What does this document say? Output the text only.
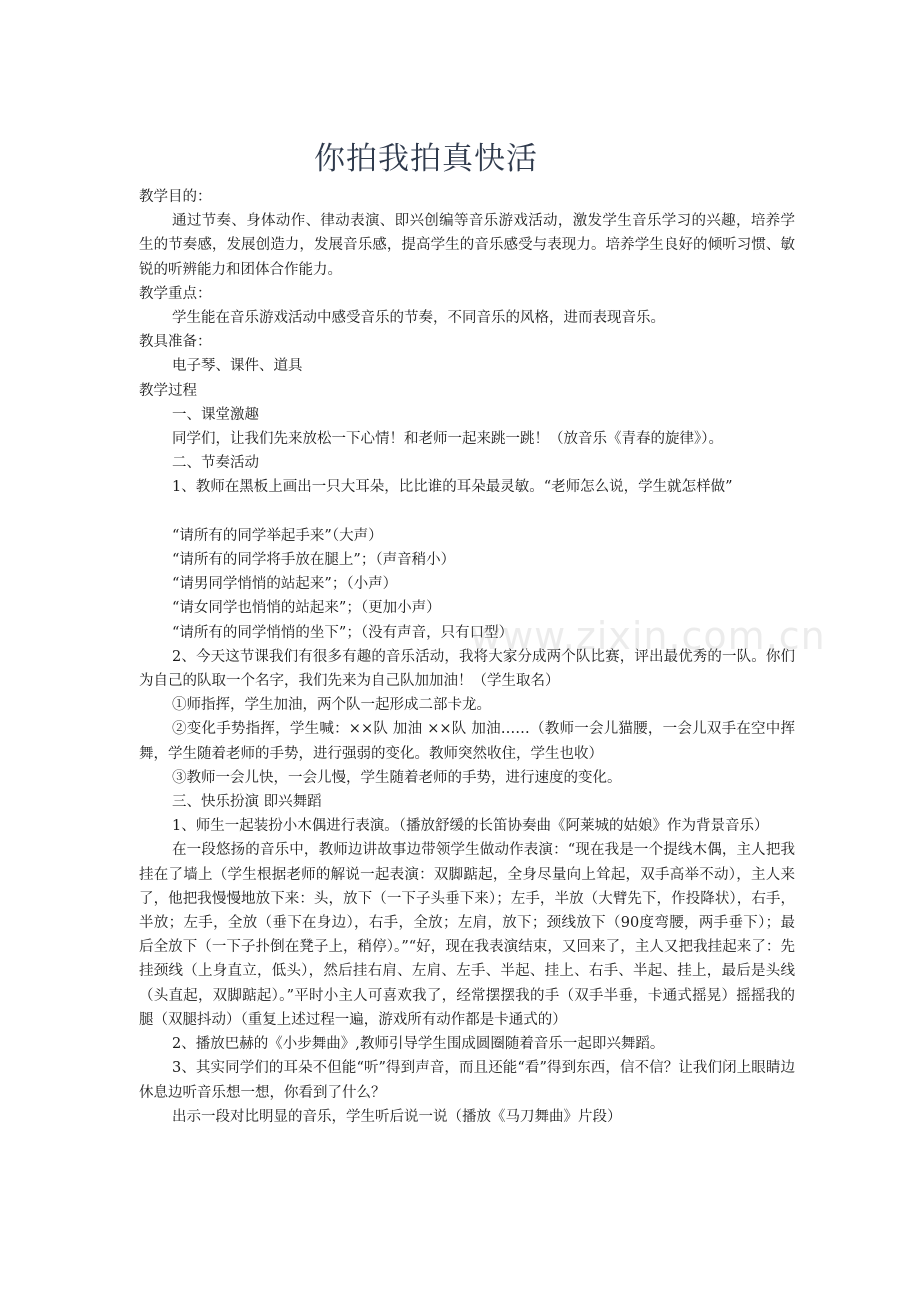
你拍我拍真快活

教学目的：

通过节奏、身体动作、律动表演、即兴创编等音乐游戏活动，激发学生音乐学习的兴趣，培养学生的节奏感，发展创造力，发展音乐感，提高学生的音乐感受与表现力。培养学生良好的倾听习惯、敏锐的听辨能力和团体合作能力。

教学重点：

学生能在音乐游戏活动中感受音乐的节奏，不同音乐的风格，进而表现音乐。

教具准备：

电子琴、课件、道具

教学过程

一、课堂激趣

同学们，让我们先来放松一下心情！和老师一起来跳一跳！（放音乐《青春的旋律》）。

二、节奏活动

1、教师在黑板上画出一只大耳朵，比比谁的耳朵最灵敏。“老师怎么说，学生就怎样做”

“请所有的同学举起手来”（大声）

“请所有的同学将手放在腿上”；（声音稍小）

“请男同学悄悄的站起来”；（小声）

“请女同学也悄悄的站起来”；（更加小声）

“请所有的同学悄悄的坐下”；（没有声音，只有口型）

2、今天这节课我们有很多有趣的音乐活动，我将大家分成两个队比赛，评出最优秀的一队。你们为自己的队取一个名字，我们先来为自己队加加油！（学生取名）

①师指挥，学生加油，两个队一起形成二部卡龙。

②变化手势指挥，学生喊：××队 加油 ××队 加油……（教师一会儿猫腰，一会儿双手在空中挥舞，学生随着老师的手势，进行强弱的变化。教师突然收住，学生也收）

③教师一会儿快，一会儿慢，学生随着老师的手势，进行速度的变化。

三、快乐扮演 即兴舞蹈

1、师生一起装扮小木偶进行表演。（播放舒缓的长笛协奏曲《阿莱城的姑娘》作为背景音乐）

在一段悠扬的音乐中，教师边讲故事边带领学生做动作表演：“现在我是一个提线木偶，主人把我挂在了墙上（学生根据老师的解说一起表演：双脚踮起，全身尽量向上耸起，双手高举不动），主人来了，他把我慢慢地放下来：头，放下（一下子头垂下来）；左手，半放（大臂先下，作投降状），右手，半放；左手，全放（垂下在身边），右手，全放；左肩，放下；颈线放下（90度弯腰，两手垂下）；最后全放下（一下子扑倒在凳子上，稍停）。”“好，现在我表演结束，又回来了，主人又把我挂起来了：先挂颈线（上身直立，低头），然后挂右肩、左肩、左手、半起、挂上、右手、半起、挂上，最后是头线（头直起，双脚踮起）。”平时小主人可喜欢我了，经常摆摆我的手（双手半垂，卡通式摇晃）摇摇我的腿（双腿抖动）（重复上述过程一遍，游戏所有动作都是卡通式的）

2、播放巴赫的《小步舞曲》,教师引导学生围成圆圈随着音乐一起即兴舞蹈。

3、其实同学们的耳朵不但能“听”得到声音，而且还能“看”得到东西，信不信？让我们闭上眼睛边休息边听音乐想一想，你看到了什么？

出示一段对比明显的音乐，学生听后说一说（播放《马刀舞曲》片段）

www.zixin.com.cn
